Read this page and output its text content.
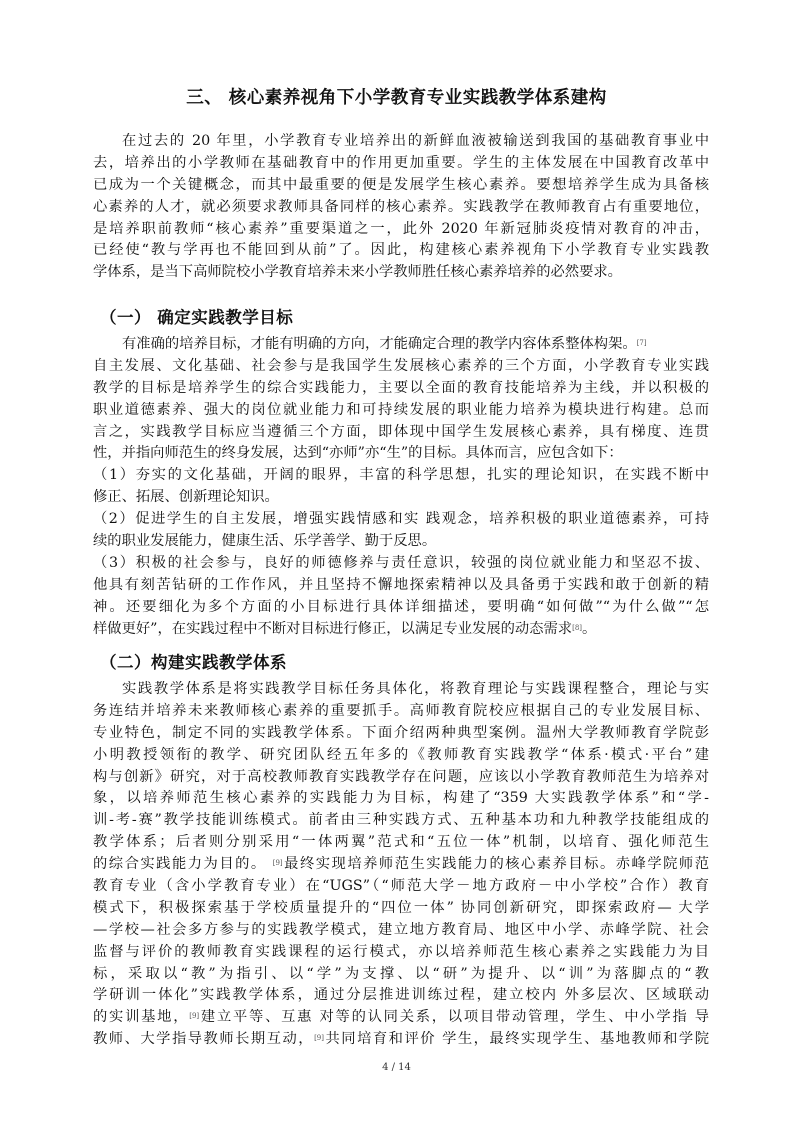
三、 核心素养视角下小学教育专业实践教学体系建构
在过去的 20 年里，小学教育专业培养出的新鲜血液被输送到我国的基础教育事业中
去，培养出的小学教师在基础教育中的作用更加重要。学生的主体发展在中国教育改革中
已成为一个关键概念，而其中最重要的便是发展学生核心素养。要想培养学生成为具备核
心素养的人才，就必须要求教师具备同样的核心素养。实践教学在教师教育占有重要地位，
是培养职前教师“核心素养”重要渠道之一，此外 2020 年新冠肺炎疫情对教育的冲击，
已经使“教与学再也不能回到从前”了。因此，构建核心素养视角下小学教育专业实践教
学体系，是当下高师院校小学教育培养未来小学教师胜任核心素养培养的必然要求。
（一） 确定实践教学目标
有准确的培养目标，才能有明确的方向，才能确定合理的教学内容体系整体构架。[7]
自主发展、文化基础、社会参与是我国学生发展核心素养的三个方面，小学教育专业实践
教学的目标是培养学生的综合实践能力，主要以全面的教育技能培养为主线，并以积极的
职业道德素养、强大的岗位就业能力和可持续发展的职业能力培养为模块进行构建。总而
言之，实践教学目标应当遵循三个方面，即体现中国学生发展核心素养，具有梯度、连贯
性，并指向师范生的终身发展，达到“亦师”亦“生”的目标。具体而言，应包含如下：
（1）夯实的文化基础，开阔的眼界，丰富的科学思想，扎实的理论知识，在实践不断中
修正、拓展、创新理论知识。
（2）促进学生的自主发展，增强实践情感和实 践观念，培养积极的职业道德素养，可持
续的职业发展能力，健康生活、乐学善学、勤于反思。
（3）积极的社会参与，良好的师德修养与责任意识，较强的岗位就业能力和坚忍不拔、
他具有刻苦钻研的工作作风，并且坚持不懈地探索精神以及具备勇于实践和敢于创新的精
神。还要细化为多个方面的小目标进行具体详细描述，要明确“如何做”“为什么做”“怎
样做更好”，在实践过程中不断对目标进行修正，以满足专业发展的动态需求[8]。
（二）构建实践教学体系
实践教学体系是将实践教学目标任务具体化，将教育理论与实践课程整合，理论与实
务连结并培养未来教师核心素养的重要抓手。高师教育院校应根据自己的专业发展目标、
专业特色，制定不同的实践教学体系。下面介绍两种典型案例。温州大学教师教育学院彭
小明教授领衔的教学、研究团队经五年多的《教师教育实践教学“体系·模式·平台”建
构与创新》研究，对于高校教师教育实践教学存在问题，应该以小学教育教师范生为培养对
象，以培养师范生核心素养的实践能力为目标，构建了“359 大实践教学体系”和“学-
训-考-赛”教学技能训练模式。前者由三种实践方式、五种基本功和九种教学技能组成的
教学体系；后者则分别采用“一体两翼”范式和“五位一体”机制，以培育、强化师范生
的综合实践能力为目的。 [9]最终实现培养师范生实践能力的核心素养目标。赤峰学院师范
教育专业（含小学教育专业）在“UGS”（“师范大学－地方政府－中小学校”合作）教育
模式下，积极探索基于学校质量提升的“四位一体” 协同创新研究，即探索政府— 大学
—学校—社会多方参与的实践教学模式，建立地方教育局、地区中小学、赤峰学院、社会
监督与评价的教师教育实践课程的运行模式，亦以培养师范生核心素养之实践能力为目
标，采取以“教”为指引、以“学”为支撑、以“研”为提升、以“训”为落脚点的“教
学研训一体化”实践教学体系，通过分层推进训练过程，建立校内 外多层次、区域联动
的实训基地，[9]建立平等、互惠 对等的认同关系，以项目带动管理，学生、中小学指 导
教师、大学指导教师长期互动，[9]共同培育和评价 学生，最终实现学生、基地教师和学院
4 / 14
